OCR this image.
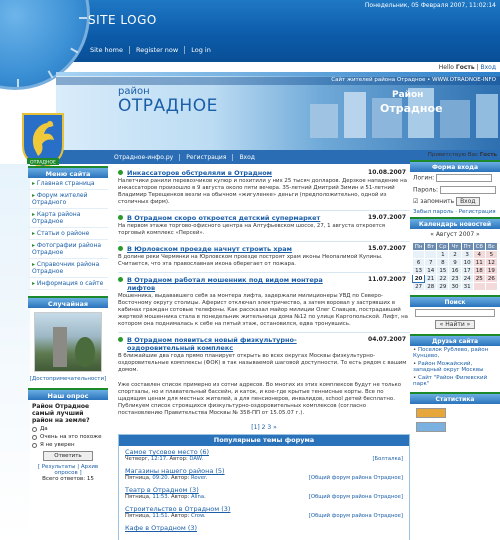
SITE LOGO
Понедельник, 05 Февраля 2007, 11:02:14
Site home	Register now	Log in
Hello Гость | Вход
Сайт жителей района Отрадное • WWW.OTRADNOE-INFO
район
ОТРАДНОЕ
Район
Отрадное
Отрадное-инфо.ру	Регистрация	Вход
ОТРАДНОЕ
Меню сайта
▸ Главная страница
▸ Форум жителей Отрадного
▸ Карта района Отрадное
▸ Статьи о районе
▸ Фотографии района Отрадное
▸ Справочник района Отрадное
▸ Информация о сайте
Случайная
[Достопримечательности]
Наш опрос
Район Отрадное самый лучший район на земле?
Да
Очень на это похоже
Я не уверен
Ответить
[ Результаты | Архив опросов ]
Всего ответов: 15
Инкассаторов обстреляли в Отрадном	10.08.2007
Налетчики ранили перевозчиков купюр и похитили у них 25 тысяч долларов. Дерзкое нападение на инкассаторов произошло в 9 августа около пяти вечера. 35-летний Дмитрий Зимин и 51-летний Владимир Терещенков везли на обычном «жигуленке» деньги (предположительно, одной из столичных фирм).
В Отрадном скоро откроется детский супермаркет	19.07.2007
На первом этаже торгово-офисного центра на Алтуфьевском шоссе, 27, 1 августа откроется торговый комплекс «Персей».
В Юрловском проезде начнут строить храм	15.07.2007
В долине реки Чермянки на Юрловском проезде построят храм иконы Неопалимой Купины. Считается, что эта православная икона оберегает от пожара.
В Отрадном работал мошенник под видом монтера лифтов
11.07.2007
Мошенника, выдававшего себя за монтера лифта, задержали милиционеры УВД по Северо-Восточному округу столицы. Аферист отключал электричество, а затем воровал у застрявших в кабинах граждан сотовые телефоны. Как рассказал майор милиции Олег Славцев, пострадавший жертвой мошенника стала в понедельник жительница дома №12 по улице Каргопольской. Лифт, на котором она поднималась к себе на пятый этаж, остановился, едва тронувшись.
В Отрадном появиться новый физкультурно-оздоровительный комплекс
04.07.2007
В ближайшие два года прямо планирует открыть во всех округах Москвы физкультурно-оздоровительные комплексы (ФОК) в так называемой шаговой доступности. То есть рядом с вашим домом.
Уже составлен список примерно из сотни адресов. Во многих из этих комплексов будут не только спортзалы, но и плавательный бассейн, и каток, и кое-где крытые теннисные корты. Все по щадящим ценам для местных жителей, а для пенсионеров, инвалидов, school детей бесплатно. Публикуем список строящихся физкультурно-оздоровительных комплексов (согласно постановлению Правительства Москвы № 358-ПП от 15.05.07 г.).
[1] 2 3 »
Популярные темы форума
Самое тусовое место (6)
Четверг, 12:17. Автор: DAW.	[Болталка]
Магазины нашего района (5)
Пятница, 09:20. Автор: Rover.	[Общий форум района Отрадное]
Театр в Отрадном (3)
Пятница, 11:53. Автор: Alina.	[Общий форум района Отрадное]
Строительство в Отрадном (3)
Пятница, 11:51. Автор: Crow.	[Общий форум района Отрадное]
Кафе в Отрадном (3)
Приветствую Вас Гость
Форма входа
Логин:
Пароль:
☑ запомнить Вход
Забыл пароль · Регистрация
Календарь новостей
« Август 2007 »
Пн	Вт	Ср	Чт	Пт	Сб	Вс
		1	2	3	4	5
6	7	8	9	10	11	12
13	14	15	16	17	18	19
20	21	22	23	24	25	26
27	28	29	30	31		
Поиск
« Найти »
Друзья сайта
• Поселок Рублево, район Кунцево,
• Район Можайский, западный округ Москвы
• Сайт "Район Филевский парк"
Статистика
